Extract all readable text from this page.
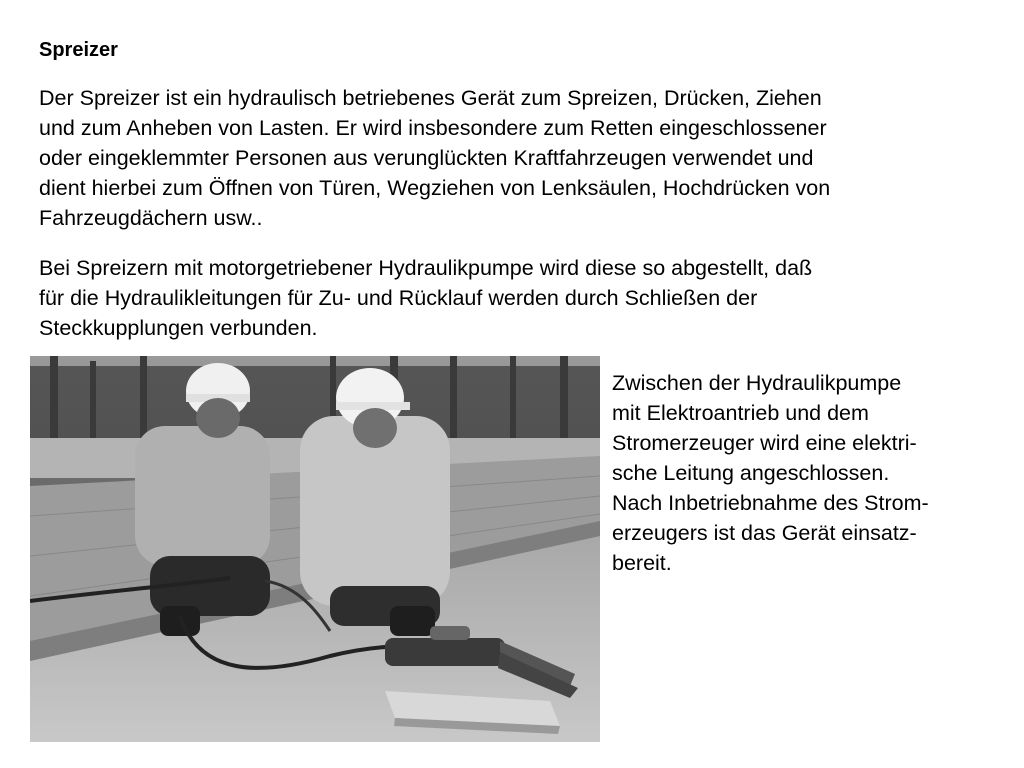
Spreizer

Der Spreizer ist ein hydraulisch betriebenes Gerät zum Spreizen, Drücken, Ziehen
und zum Anheben von Lasten. Er wird insbesondere zum Retten eingeschlossener
oder eingeklemmter Personen aus verunglückten Kraftfahrzeugen verwendet und
dient hierbei zum Öffnen von Türen, Wegziehen von Lenksäulen, Hochdrücken von
Fahrzeugdächern usw..

Bei Spreizern mit motorgetriebener Hydraulikpumpe wird diese so abgestellt, daß
für die Hydraulikleitungen für Zu- und Rücklauf werden durch Schließen der
Steckkupplungen verbunden.

Zwischen der Hydraulikpumpe
mit Elektroantrieb und dem
Stromerzeuger wird eine elektri-
sche Leitung angeschlossen.
Nach Inbetriebnahme des Strom-
erzeugers ist das Gerät einsatz-
bereit.
